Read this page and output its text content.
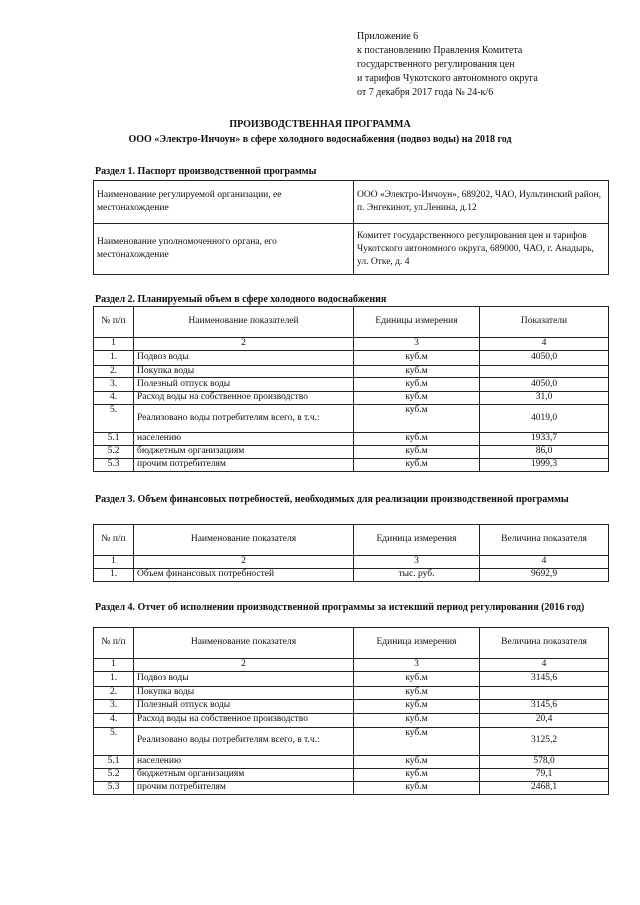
Приложение 6
к постановлению Правления Комитета
государственного регулирования цен
и тарифов Чукотского автономного округа
от 7 декабря 2017 года № 24-к/6
ПРОИЗВОДСТВЕННАЯ ПРОГРАММА
ООО «Электро-Инчоун» в сфере холодного водоснабжения (подвоз воды) на 2018 год
Раздел 1. Паспорт производственной программы
Наименование регулируемой организации, ее местонахождение	ООО «Электро-Инчоун», 689202, ЧАО, Иультинский район, п. Энгекинот, ул.Ленина, д.12
Наименование уполномоченного органа, его местонахождение	Комитет государственного регулирования цен и тарифов Чукотского автономного округа, 689000, ЧАО, г. Анадырь, ул. Отке, д. 4
Раздел 2. Планируемый объем в сфере холодного водоснабжения
№ п/п	Наименование показателей	Единицы измерения	Показатели
1	2	3	4
1.	Подвоз воды	куб.м	4050,0
2.	Покупка воды	куб.м	
3.	Полезный отпуск воды	куб.м	4050,0
4.	Расход воды на собственное производство	куб.м	31,0
5.	Реализовано воды потребителям всего, в т.ч.:	куб.м	4019,0
5.1	населению	куб.м	1933,7
5.2	бюджетным организациям	куб.м	86,0
5.3	прочим потребителям	куб.м	1999,3
Раздел 3. Объем финансовых потребностей, необходимых для реализации производственной программы
№ п/п	Наименование показателя	Единица измерения	Величина показателя
1	2	3	4
1.	Объем финансовых потребностей	тыс. руб.	9692,9
Раздел 4. Отчет об исполнении производственной программы за истекший период регулирования (2016 год)
№ п/п	Наименование показателя	Единица измерения	Величина показателя
1	2	3	4
1.	Подвоз воды	куб.м	3145,6
2.	Покупка воды	куб.м	
3.	Полезный отпуск воды	куб.м	3145,6
4.	Расход воды на собственное производство	куб.м	20,4
5.	Реализовано воды потребителям всего, в т.ч.:	куб.м	3125,2
5.1	населению	куб.м	578,0
5.2	бюджетным организациям	куб.м	79,1
5.3	прочим потребителям	куб.м	2468,1
